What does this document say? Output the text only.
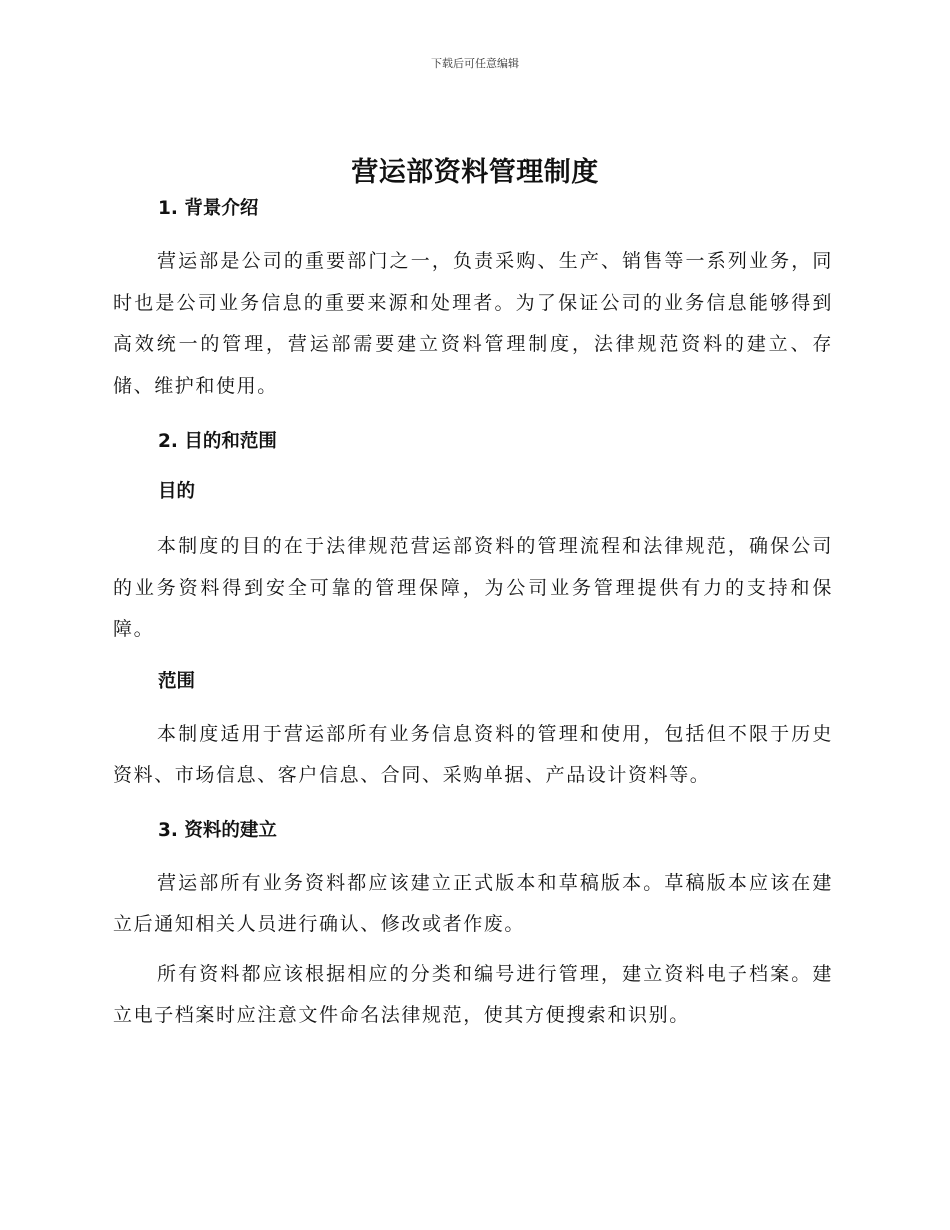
下载后可任意编辑
营运部资料管理制度

1. 背景介绍

营运部是公司的重要部门之一，负责采购、生产、销售等一系列业务，同时也是公司业务信息的重要来源和处理者。为了保证公司的业务信息能够得到高效统一的管理，营运部需要建立资料管理制度，法律规范资料的建立、存储、维护和使用。

2. 目的和范围

目的

本制度的目的在于法律规范营运部资料的管理流程和法律规范，确保公司的业务资料得到安全可靠的管理保障，为公司业务管理提供有力的支持和保障。

范围

本制度适用于营运部所有业务信息资料的管理和使用，包括但不限于历史资料、市场信息、客户信息、合同、采购单据、产品设计资料等。

3. 资料的建立

营运部所有业务资料都应该建立正式版本和草稿版本。草稿版本应该在建立后通知相关人员进行确认、修改或者作废。

所有资料都应该根据相应的分类和编号进行管理，建立资料电子档案。建立电子档案时应注意文件命名法律规范，使其方便搜索和识别。
